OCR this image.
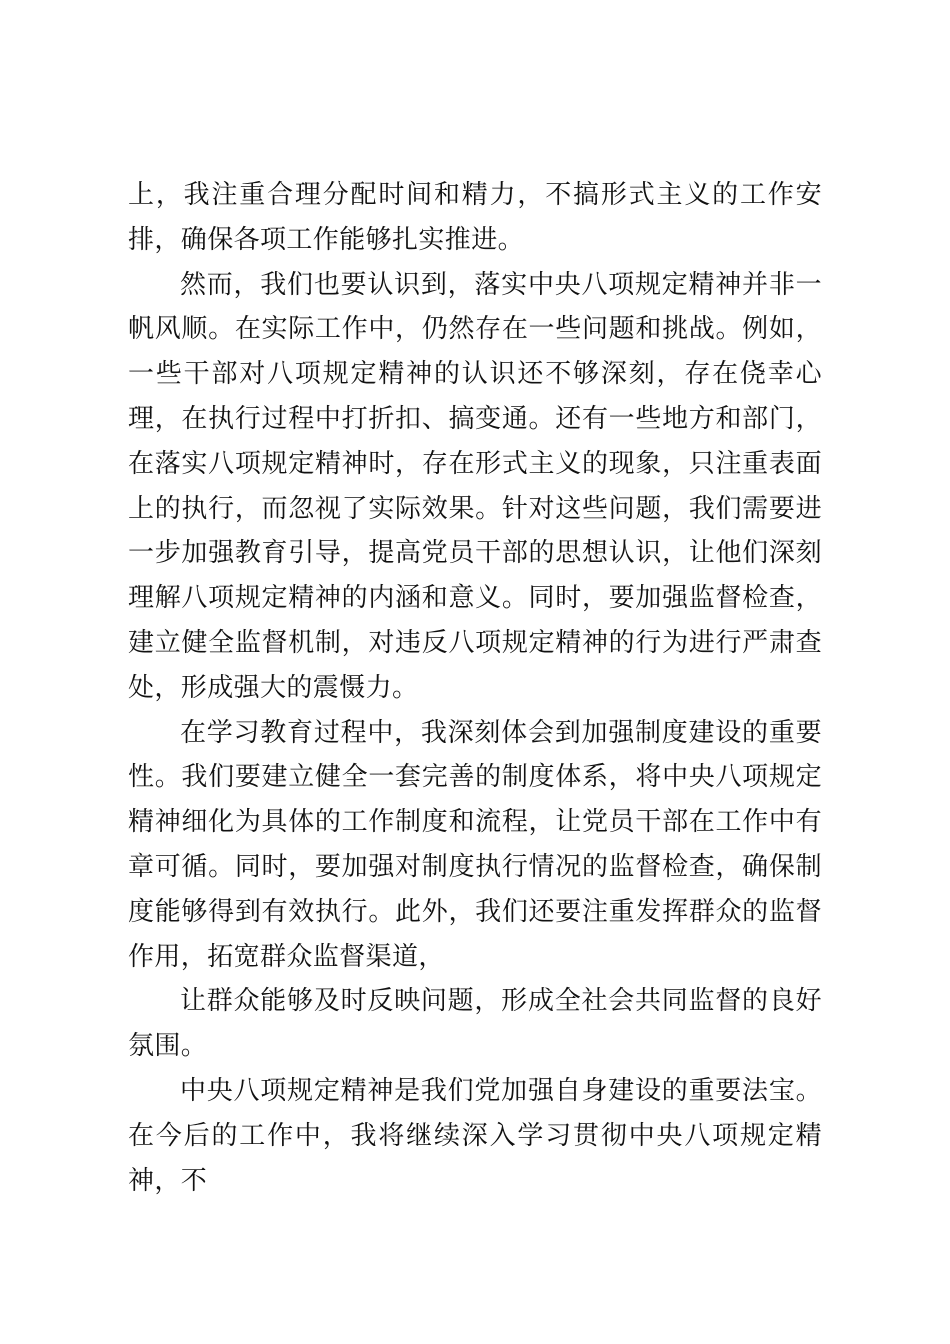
上，我注重合理分配时间和精力，不搞形式主义的工作安排，确保各项工作能够扎实推进。

然而，我们也要认识到，落实中央八项规定精神并非一帆风顺。在实际工作中，仍然存在一些问题和挑战。例如，一些干部对八项规定精神的认识还不够深刻，存在侥幸心理，在执行过程中打折扣、搞变通。还有一些地方和部门，在落实八项规定精神时，存在形式主义的现象，只注重表面上的执行，而忽视了实际效果。针对这些问题，我们需要进一步加强教育引导，提高党员干部的思想认识，让他们深刻理解八项规定精神的内涵和意义。同时，要加强监督检查，建立健全监督机制，对违反八项规定精神的行为进行严肃查处，形成强大的震慑力。

在学习教育过程中，我深刻体会到加强制度建设的重要性。我们要建立健全一套完善的制度体系，将中央八项规定精神细化为具体的工作制度和流程，让党员干部在工作中有章可循。同时，要加强对制度执行情况的监督检查，确保制度能够得到有效执行。此外，我们还要注重发挥群众的监督作用，拓宽群众监督渠道，

让群众能够及时反映问题，形成全社会共同监督的良好氛围。

中央八项规定精神是我们党加强自身建设的重要法宝。在今后的工作中，我将继续深入学习贯彻中央八项规定精神，不
